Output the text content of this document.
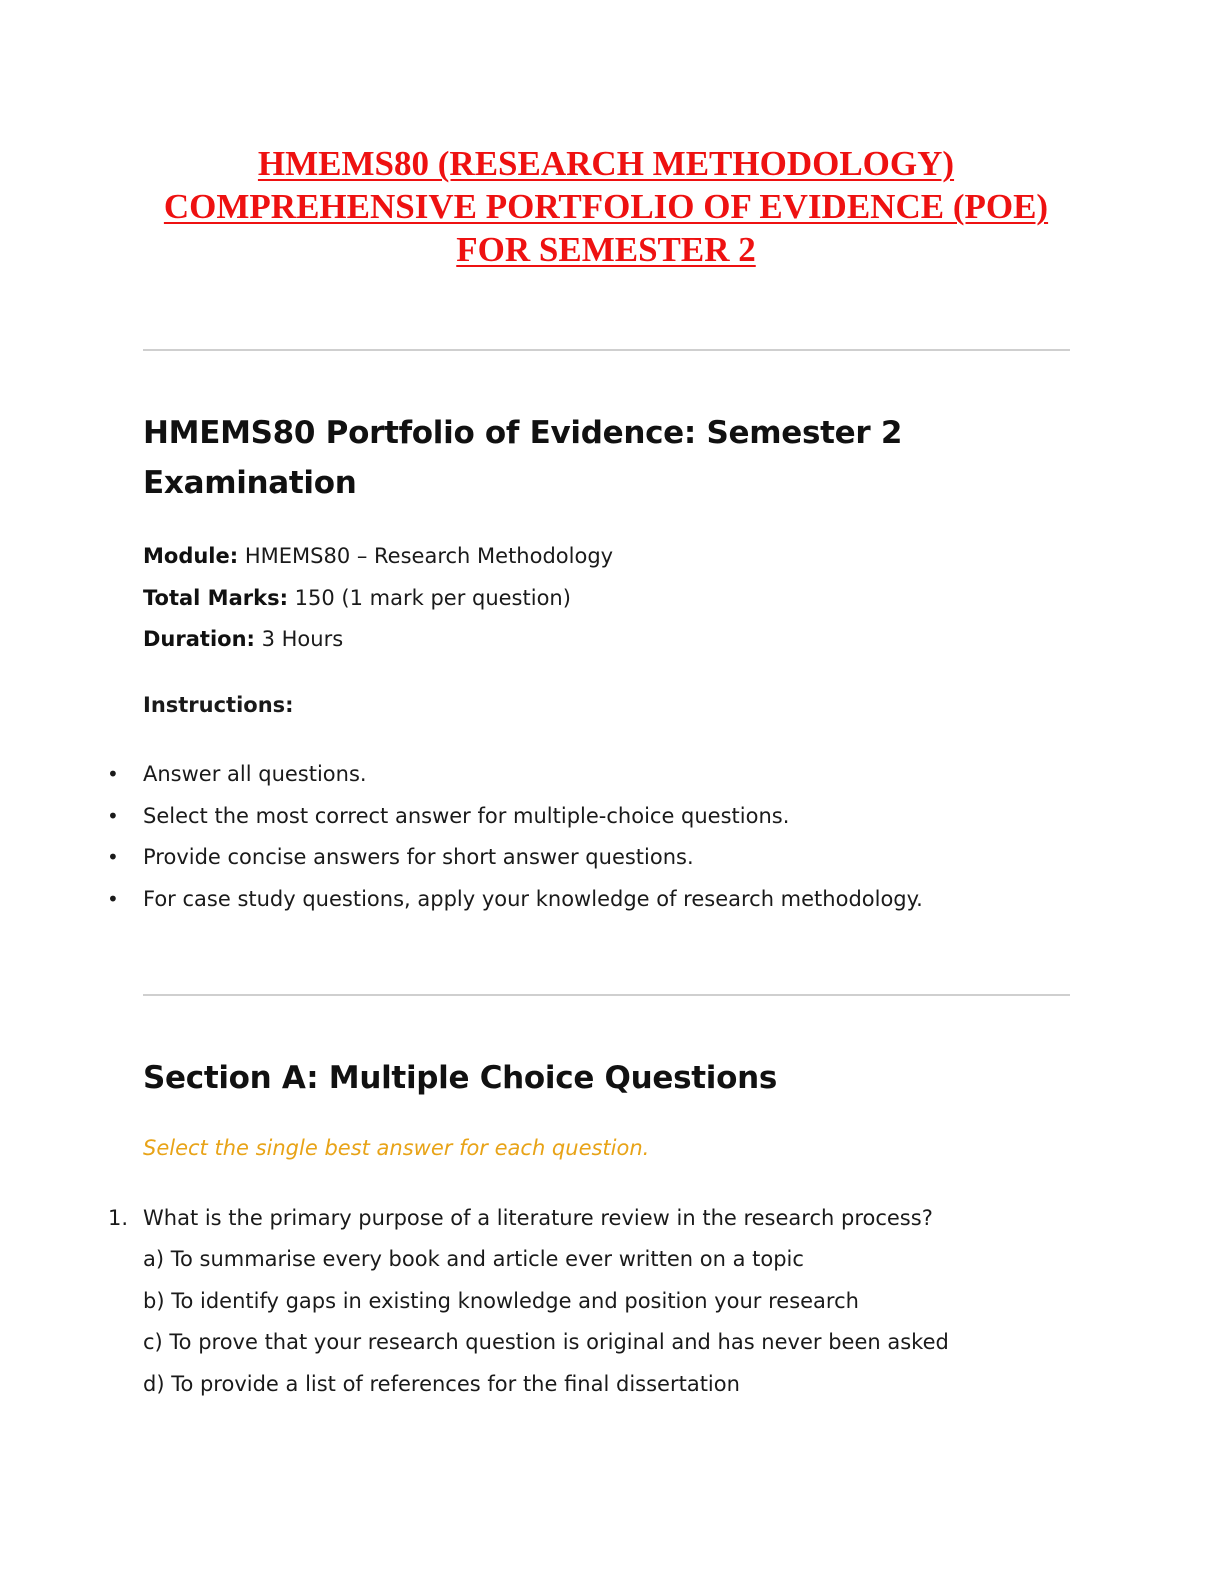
HMEMS80 (RESEARCH METHODOLOGY)
COMPREHENSIVE PORTFOLIO OF EVIDENCE (POE)
FOR SEMESTER 2
HMEMS80 Portfolio of Evidence: Semester 2
Examination
Module: HMEMS80 – Research Methodology
Total Marks: 150 (1 mark per question)
Duration: 3 Hours
Instructions:
• Answer all questions.
• Select the most correct answer for multiple-choice questions.
• Provide concise answers for short answer questions.
• For case study questions, apply your knowledge of research methodology.
Section A: Multiple Choice Questions
Select the single best answer for each question.
1. What is the primary purpose of a literature review in the research process?
a) To summarise every book and article ever written on a topic
b) To identify gaps in existing knowledge and position your research
c) To prove that your research question is original and has never been asked
d) To provide a list of references for the final dissertation
